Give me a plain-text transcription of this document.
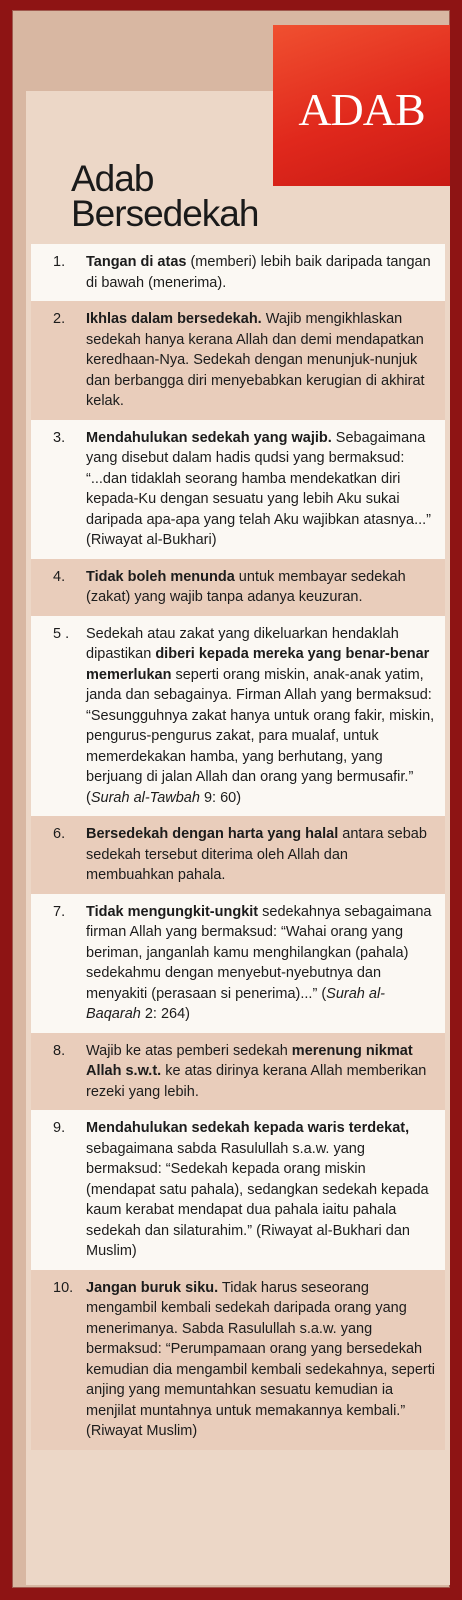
ADAB
Adab
Bersedekah
1. Tangan di atas (memberi) lebih baik daripada tangan di bawah (menerima).
2. Ikhlas dalam bersedekah. Wajib mengikhlaskan sedekah hanya kerana Allah dan demi mendapatkan keredhaan-Nya. Sedekah dengan menunjuk-nunjuk dan berbangga diri menyebabkan kerugian di akhirat kelak.
3. Mendahulukan sedekah yang wajib. Sebagaimana yang disebut dalam hadis qudsi yang bermaksud: “...dan tidaklah seorang hamba mendekatkan diri kepada-Ku dengan sesuatu yang lebih Aku sukai daripada apa-apa yang telah Aku wajibkan atasnya...” (Riwayat al-Bukhari)
4. Tidak boleh menunda untuk membayar sedekah (zakat) yang wajib tanpa adanya keuzuran.
5 . Sedekah atau zakat yang dikeluarkan hendaklah dipastikan diberi kepada mereka yang benar-benar memerlukan seperti orang miskin, anak-anak yatim, janda dan sebagainya. Firman Allah yang bermaksud: “Sesungguhnya zakat hanya untuk orang fakir, miskin, pengurus-pengurus zakat, para mualaf, untuk memerdekakan hamba, yang berhutang, yang berjuang di jalan Allah dan orang yang bermusafir.” (Surah al-Tawbah 9: 60)
6. Bersedekah dengan harta yang halal antara sebab sedekah tersebut diterima oleh Allah dan membuahkan pahala.
7. Tidak mengungkit-ungkit sedekahnya sebagaimana firman Allah yang bermaksud: “Wahai orang yang beriman, janganlah kamu menghilangkan (pahala) sedekahmu dengan menyebut-nyebutnya dan menyakiti (perasaan si penerima)...” (Surah al-Baqarah 2: 264)
8. Wajib ke atas pemberi sedekah merenung nikmat Allah s.w.t. ke atas dirinya kerana Allah memberikan rezeki yang lebih.
9. Mendahulukan sedekah kepada waris terdekat, sebagaimana sabda Rasulullah s.a.w. yang bermaksud: “Sedekah kepada orang miskin (mendapat satu pahala), sedangkan sedekah kepada kaum kerabat mendapat dua pahala iaitu pahala sedekah dan silaturahim.” (Riwayat al-Bukhari dan Muslim)
10. Jangan buruk siku. Tidak harus seseorang mengambil kembali sedekah daripada orang yang menerimanya. Sabda Rasulullah s.a.w. yang bermaksud: “Perumpamaan orang yang bersedekah kemudian dia mengambil kembali sedekahnya, seperti anjing yang memuntahkan sesuatu kemudian ia menjilat muntahnya untuk memakannya kembali.” (Riwayat Muslim)
